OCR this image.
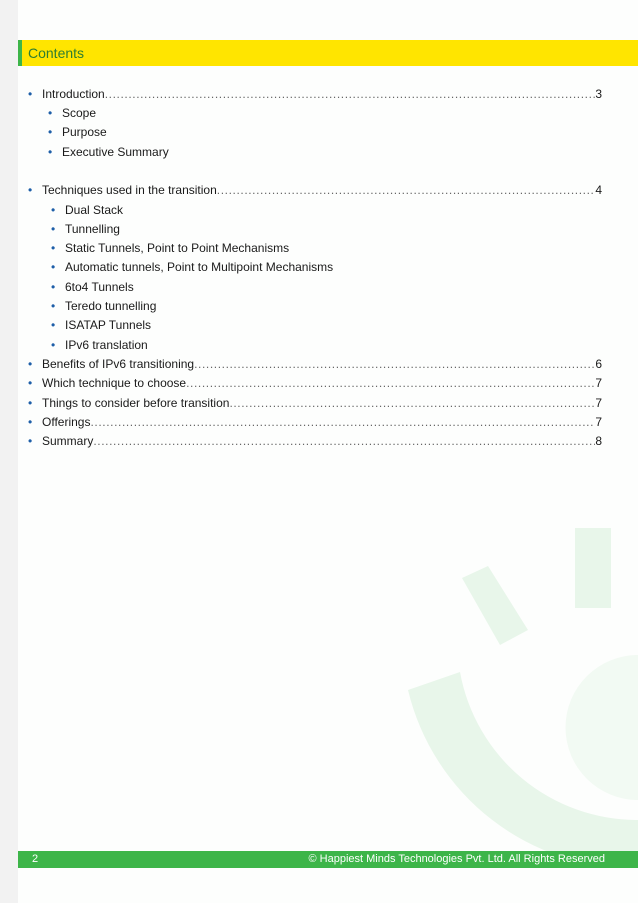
Contents
• Introduction .....	3
• Scope
• Purpose
• Executive Summary
• Techniques used in the transition .....	4
• Dual Stack
• Tunnelling
• Static Tunnels, Point to Point Mechanisms
• Automatic tunnels, Point to Multipoint Mechanisms
• 6to4 Tunnels
• Teredo tunnelling
• ISATAP Tunnels
• IPv6 translation
• Benefits of IPv6 transitioning .....	6
• Which technique to choose .....	7
• Things to consider before transition .....	7
• Offerings .....	7
• Summary .....	8
2	© Happiest Minds Technologies Pvt. Ltd. All Rights Reserved
